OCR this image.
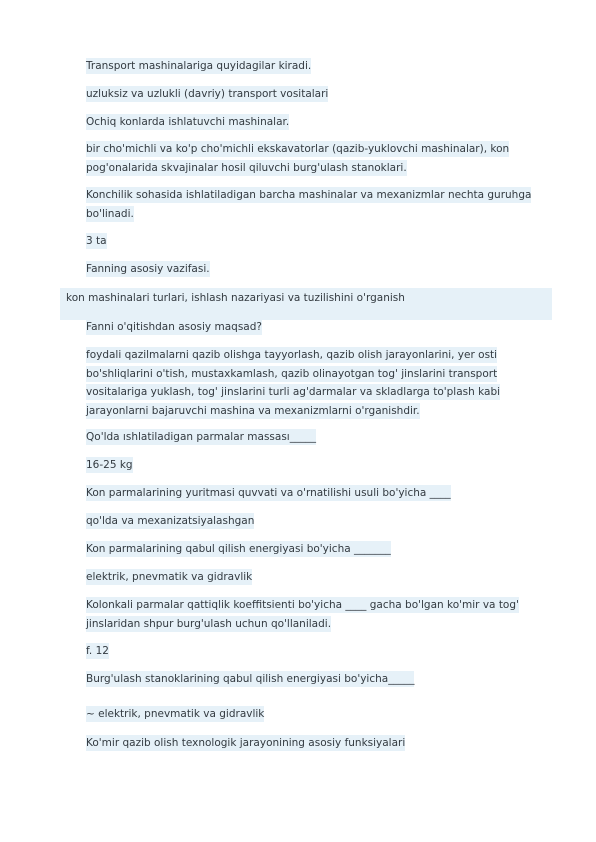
Transport mashinalariga quyidagilar kiradi.

uzluksiz va uzlukli (davriy) transport vositalari

Ochiq konlarda ishlatuvchi mashinalar.

bir cho'michli va ko'p cho'michli ekskavatorlar (qazib-yuklovchi mashinalar), kon pog'onalarida skvajinalar hosil qiluvchi burg'ulash stanoklari.

Konchilik sohasida ishlatiladigan barcha mashinalar va mexanizmlar nechta guruhga bo'linadi.

3 ta

Fanning asosiy vazifasi.

kon mashinalari turlari, ishlash nazariyasi va tuzilishini o'rganish

Fanni o'qitishdan asosiy maqsad?

foydali qazilmalarni qazib olishga tayyorlash, qazib olish jarayonlarini, yer osti bo'shliqlarini o'tish, mustaxkamlash, qazib olinayotgan tog' jinslarini transport vositalariga yuklash, tog' jinslarini turli ag'darmalar va skladlarga to'plash kabi jarayonlarni bajaruvchi mashina va mexanizmlarni o'rganishdir.

Qo'lda ıshlatiladigan parmalar massası_____

16-25 kg

Kon parmalarining yuritmasi quvvati va o'rnatilishi usuli bo'yicha ____

qo'lda va mexanizatsiyalashgan

Kon parmalarining qabul qilish energiyasi bo'yicha _______

elektrik, pnevmatik va gidravlik

Kolonkali parmalar qattiqlik koeffitsienti bo'yicha ____ gacha bo'lgan ko'mir va tog' jinslaridan shpur burg'ulash uchun qo'llaniladi.

f. 12

Burg'ulash stanoklarining qabul qilish energiyasi bo'yicha_____

~ elektrik, pnevmatik va gidravlik

Ko'mir qazib olish texnologik jarayonining asosiy funksiyalari
